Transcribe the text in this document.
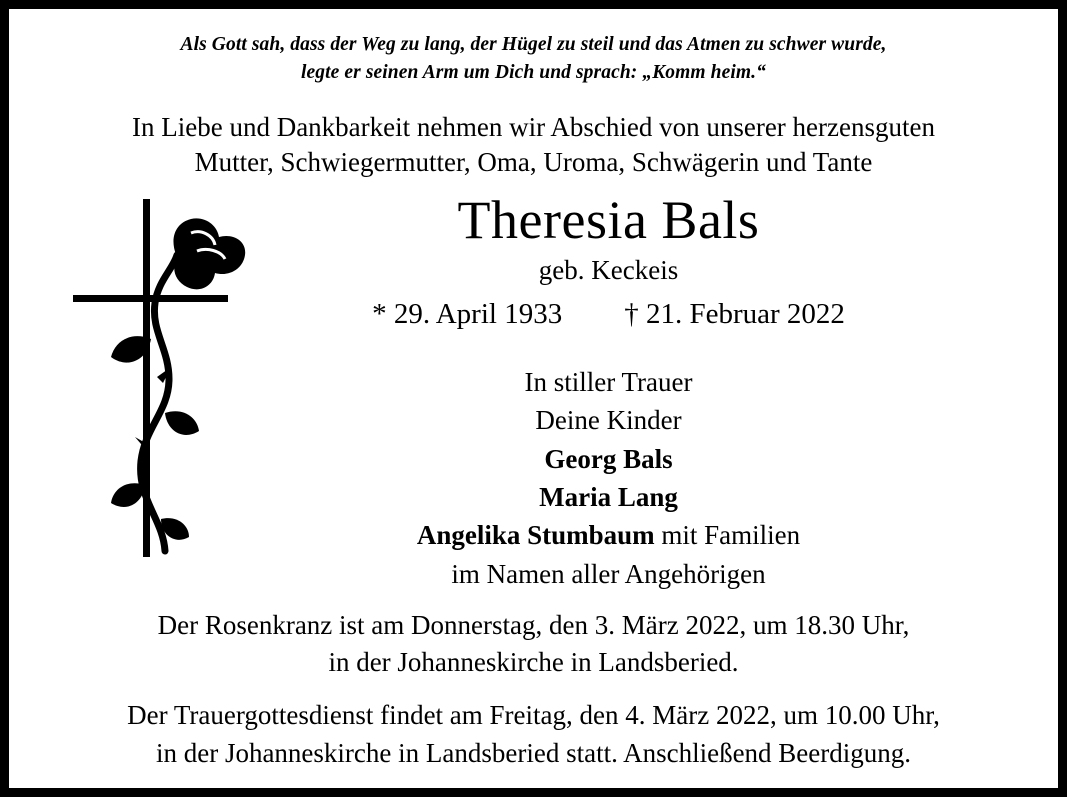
Als Gott sah, dass der Weg zu lang, der Hügel zu steil und das Atmen zu schwer wurde,
legte er seinen Arm um Dich und sprach: „Komm heim.“
In Liebe und Dankbarkeit nehmen wir Abschied von unserer herzensguten
Mutter, Schwiegermutter, Oma, Uroma, Schwägerin und Tante
Theresia Bals
geb. Keckeis
* 29. April 1933 † 21. Februar 2022
In stiller Trauer
Deine Kinder
Georg Bals
Maria Lang
Angelika Stumbaum mit Familien
im Namen aller Angehörigen
Der Rosenkranz ist am Donnerstag, den 3. März 2022, um 18.30 Uhr,
in der Johanneskirche in Landsberied.
Der Trauergottesdienst findet am Freitag, den 4. März 2022, um 10.00 Uhr,
in der Johanneskirche in Landsberied statt. Anschließend Beerdigung.
